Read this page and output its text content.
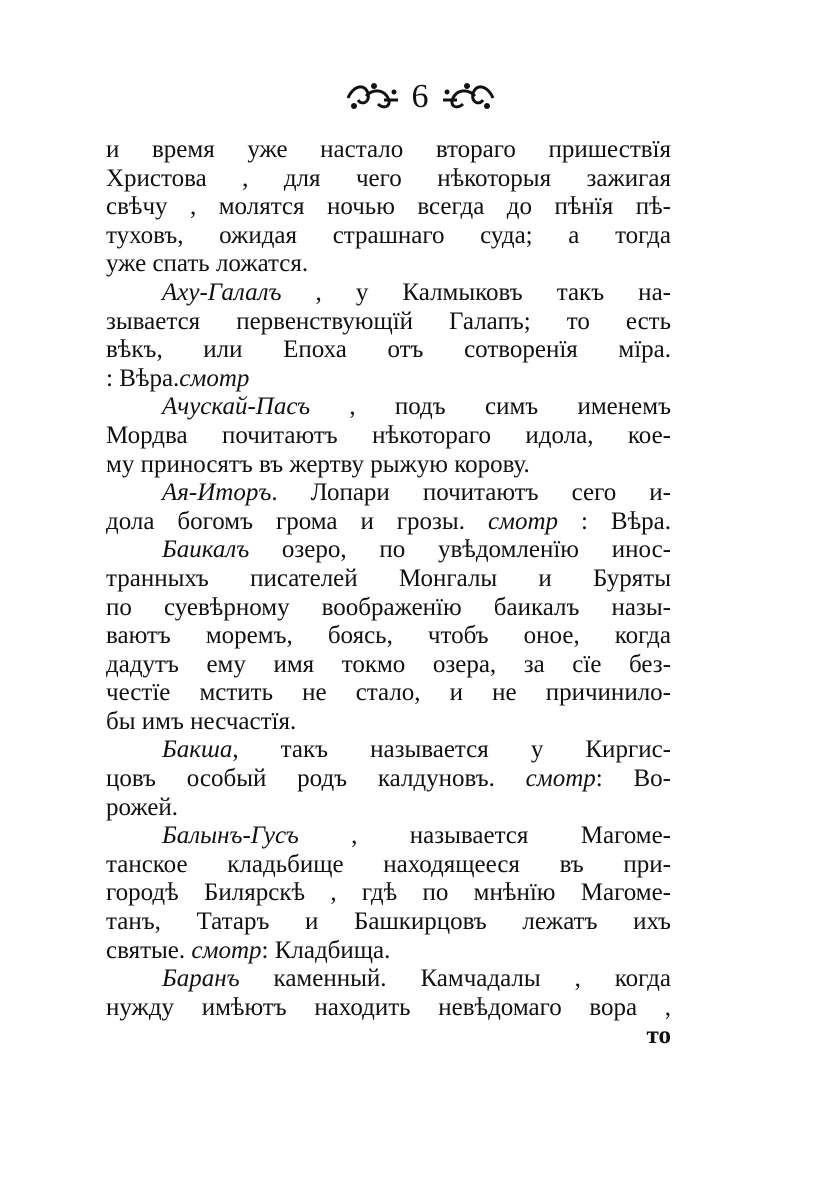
6
и время уже настало втораго пришествїя
Христова , для чего нѣкоторыя зажигая
свѣчу , молятся ночью всегда до пѣнїя пѣ-
туховъ, ожидая страшнаго суда; а тогда
уже спать ложатся.
Аху-Галалъ , у Калмыковъ такъ на-
зывается первенствующїй Галапъ; то есть
вѣкъ, или Епоха отъ сотворенїя мїра.
: Вѣра.смотр
Ачускай-Пасъ , подъ симъ именемъ
Мордва почитаютъ нѣкотораго идола, кое-
му приносятъ въ жертву рыжую корову.
Ая-Иторъ. Лопари почитаютъ сего и-
дола богомъ грома и грозы. смотр : Вѣра.
Баикалъ озеро, по увѣдомленїю инос-
транныхъ писателей Монгалы и Буряты
по суевѣрному воображенїю баикалъ назы-
ваютъ моремъ, боясь, чтобъ оное, когда
дадутъ ему имя токмо озера, за сїе без-
честїе мстить не стало, и не причинило-
бы имъ несчастїя.
Бакша, такъ называется у Киргис-
цовъ особый родъ калдуновъ. смотр: Во-
рожей.
Балынъ-Гусъ , называется Магоме-
танское кладьбище находящееся въ при-
городѣ Билярскѣ , гдѣ по мнѣнїю Магоме-
танъ, Татаръ и Башкирцовъ лежатъ ихъ
святые. смотр: Кладбища.
Баранъ каменный. Камчадалы , когда
нужду имѣютъ находить невѣдомаго вора ,
то
